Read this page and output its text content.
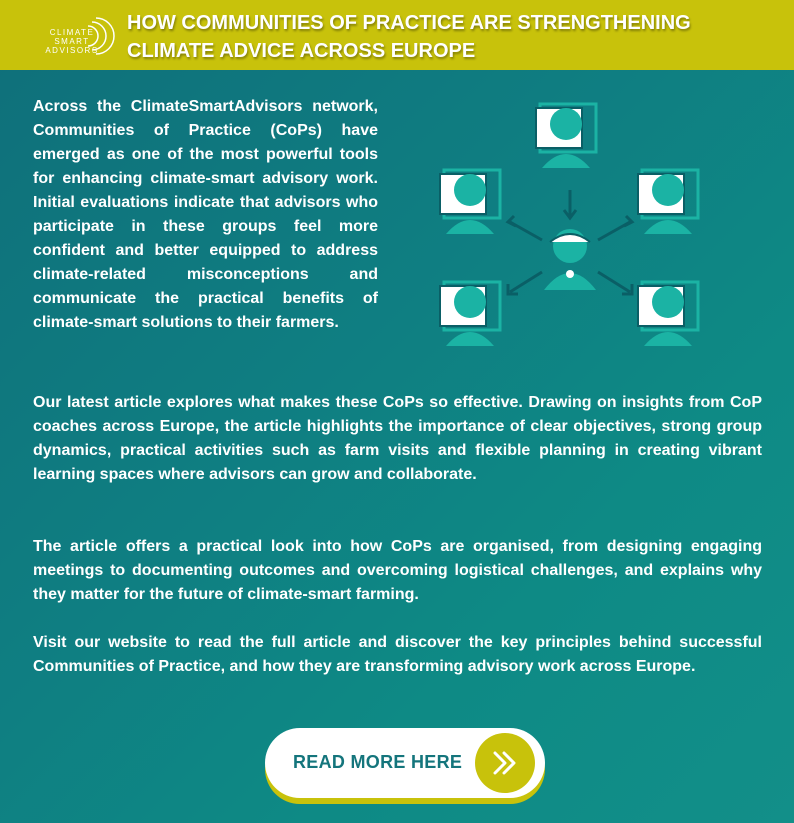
CLIMATE
SMART
ADVISORS
HOW COMMUNITIES OF PRACTICE ARE STRENGTHENING
CLIMATE ADVICE ACROSS EUROPE
Across the ClimateSmartAdvisors network, Communities of Practice (CoPs) have emerged as one of the most powerful tools for enhancing climate-smart advisory work. Initial evaluations indicate that advisors who participate in these groups feel more confident and better equipped to address climate-related misconceptions and communicate the practical benefits of climate-smart solutions to their farmers.
Our latest article explores what makes these CoPs so effective. Drawing on insights from CoP coaches across Europe, the article highlights the importance of clear objectives, strong group dynamics, practical activities such as farm visits and flexible planning in creating vibrant learning spaces where advisors can grow and collaborate.
The article offers a practical look into how CoPs are organised, from designing engaging meetings to documenting outcomes and overcoming logistical challenges, and explains why they matter for the future of climate-smart farming.
Visit our website to read the full article and discover the key principles behind successful Communities of Practice, and how they are transforming advisory work across Europe.
READ MORE HERE
